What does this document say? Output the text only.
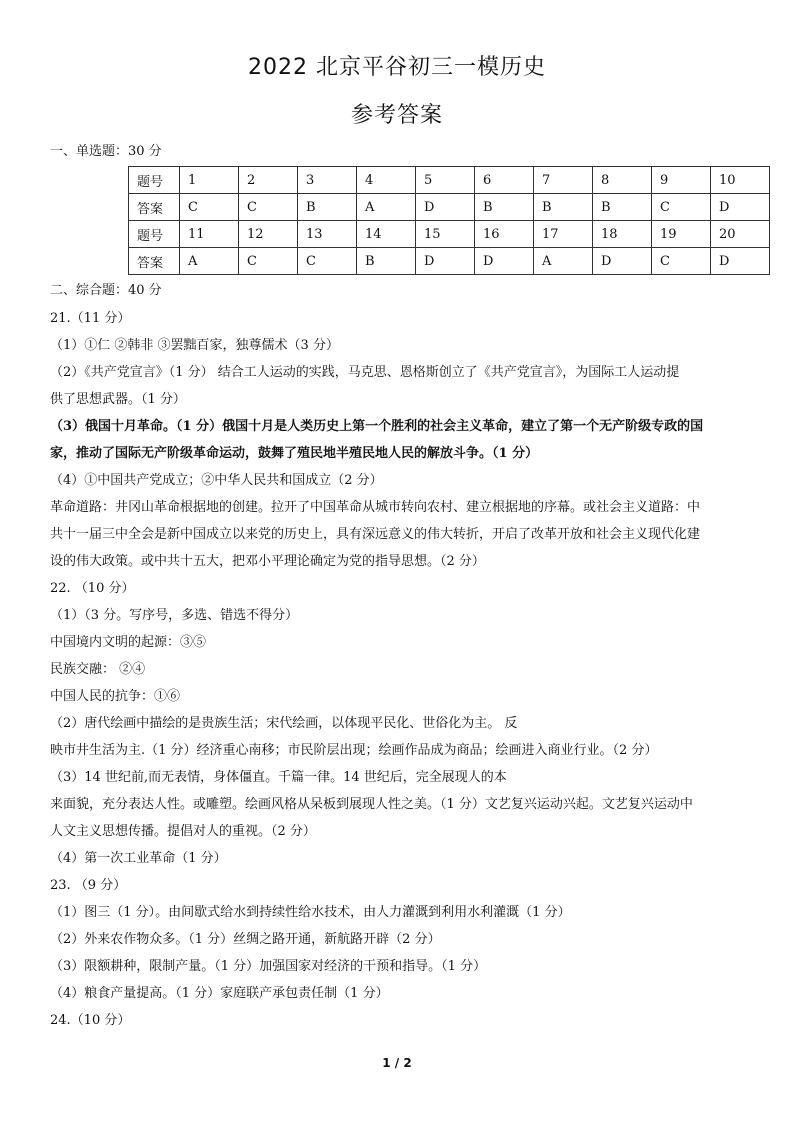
2022 北京平谷初三一模历史
参考答案
一、单选题：30 分
题号	1	2	3	4	5	6	7	8	9	10
答案	C	C	B	A	D	B	B	B	C	D
题号	11	12	13	14	15	16	17	18	19	20
答案	A	C	C	B	D	D	A	D	C	D
二、综合题：40 分
21.（11 分）
（1）①仁 ②韩非 ③罢黜百家，独尊儒术（3 分）
（2）《共产党宣言》（1 分） 结合工人运动的实践，马克思、恩格斯创立了《共产党宣言》，为国际工人运动提
供了思想武器。（1 分）
（3）俄国十月革命。（1 分）俄国十月是人类历史上第一个胜利的社会主义革命，建立了第一个无产阶级专政的国
家，推动了国际无产阶级革命运动，鼓舞了殖民地半殖民地人民的解放斗争。（1 分）
（4）①中国共产党成立；②中华人民共和国成立（2 分）
革命道路：井冈山革命根据地的创建。拉开了中国革命从城市转向农村、建立根据地的序幕。或社会主义道路：中
共十一届三中全会是新中国成立以来党的历史上，具有深远意义的伟大转折，开启了改革开放和社会主义现代化建
设的伟大政策。或中共十五大，把邓小平理论确定为党的指导思想。（2 分）
22. （10 分）
（1）（3 分。写序号，多选、错选不得分）
中国境内文明的起源：③⑤
民族交融： ②④
中国人民的抗争：①⑥
（2）唐代绘画中描绘的是贵族生活；宋代绘画，以体现平民化、世俗化为主。 反
映市井生活为主.（1 分）经济重心南移；市民阶层出现；绘画作品成为商品；绘画进入商业行业。（2 分）
（3）14 世纪前,而无表情，身体僵直。千篇一律。14 世纪后，完全展现人的本
来面貌，充分表达人性。或雕塑。绘画风格从呆板到展现人性之美。（1 分）文艺复兴运动兴起。文艺复兴运动中
人文主义思想传播。提倡对人的重视。（2 分）
（4）第一次工业革命（1 分）
23. （9 分）
（1）图三（1 分）。由间歇式给水到持续性给水技术，由人力灌溉到利用水利灌溉（1 分）
（2）外来农作物众多。（1 分）丝绸之路开通，新航路开辟（2 分）
（3）限额耕种，限制产量。（1 分）加强国家对经济的干预和指导。（1 分）
（4）粮食产量提高。（1 分）家庭联产承包责任制（1 分）
24.（10 分）
1 / 2
